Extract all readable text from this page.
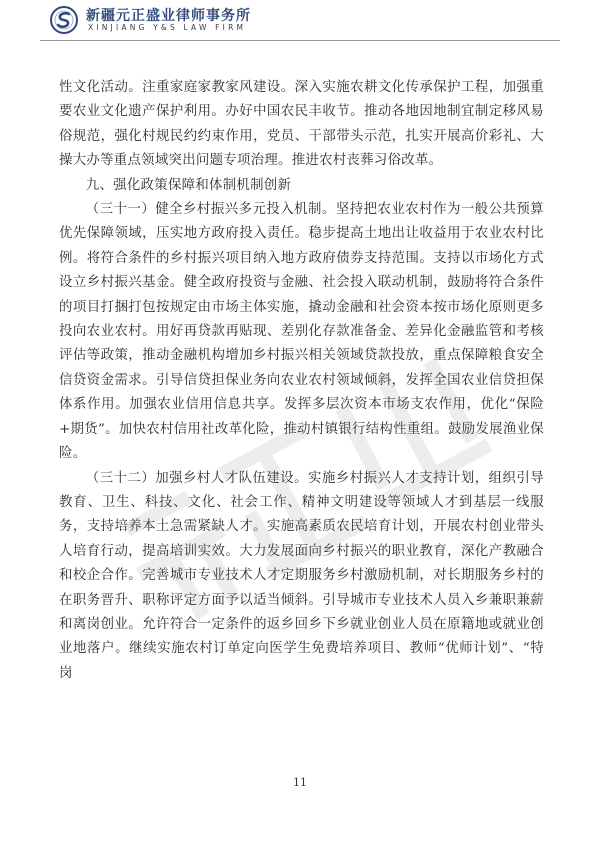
新疆元正盛业律师事务所
XINJIANG Y&S LAW FIRM

性文化活动。注重家庭家教家风建设。深入实施农耕文化传承保护工程，加强重要农业文化遗产保护利用。办好中国农民丰收节。推动各地因地制宜制定移风易俗规范，强化村规民约约束作用，党员、干部带头示范，扎实开展高价彩礼、大操大办等重点领域突出问题专项治理。推进农村丧葬习俗改革。

九、强化政策保障和体制机制创新

（三十一）健全乡村振兴多元投入机制。坚持把农业农村作为一般公共预算优先保障领域，压实地方政府投入责任。稳步提高土地出让收益用于农业农村比例。将符合条件的乡村振兴项目纳入地方政府债券支持范围。支持以市场化方式设立乡村振兴基金。健全政府投资与金融、社会投入联动机制，鼓励将符合条件的项目打捆打包按规定由市场主体实施，撬动金融和社会资本按市场化原则更多投向农业农村。用好再贷款再贴现、差别化存款准备金、差异化金融监管和考核评估等政策，推动金融机构增加乡村振兴相关领域贷款投放，重点保障粮食安全信贷资金需求。引导信贷担保业务向农业农村领域倾斜，发挥全国农业信贷担保体系作用。加强农业信用信息共享。发挥多层次资本市场支农作用，优化“保险+期货”。加快农村信用社改革化险，推动村镇银行结构性重组。鼓励发展渔业保险。

（三十二）加强乡村人才队伍建设。实施乡村振兴人才支持计划，组织引导教育、卫生、科技、文化、社会工作、精神文明建设等领域人才到基层一线服务，支持培养本土急需紧缺人才。实施高素质农民培育计划，开展农村创业带头人培育行动，提高培训实效。大力发展面向乡村振兴的职业教育，深化产教融合和校企合作。完善城市专业技术人才定期服务乡村激励机制，对长期服务乡村的在职务晋升、职称评定方面予以适当倾斜。引导城市专业技术人员入乡兼职兼薪和离岗创业。允许符合一定条件的返乡回乡下乡就业创业人员在原籍地或就业创业地落户。继续实施农村订单定向医学生免费培养项目、教师“优师计划”、“特岗

11
